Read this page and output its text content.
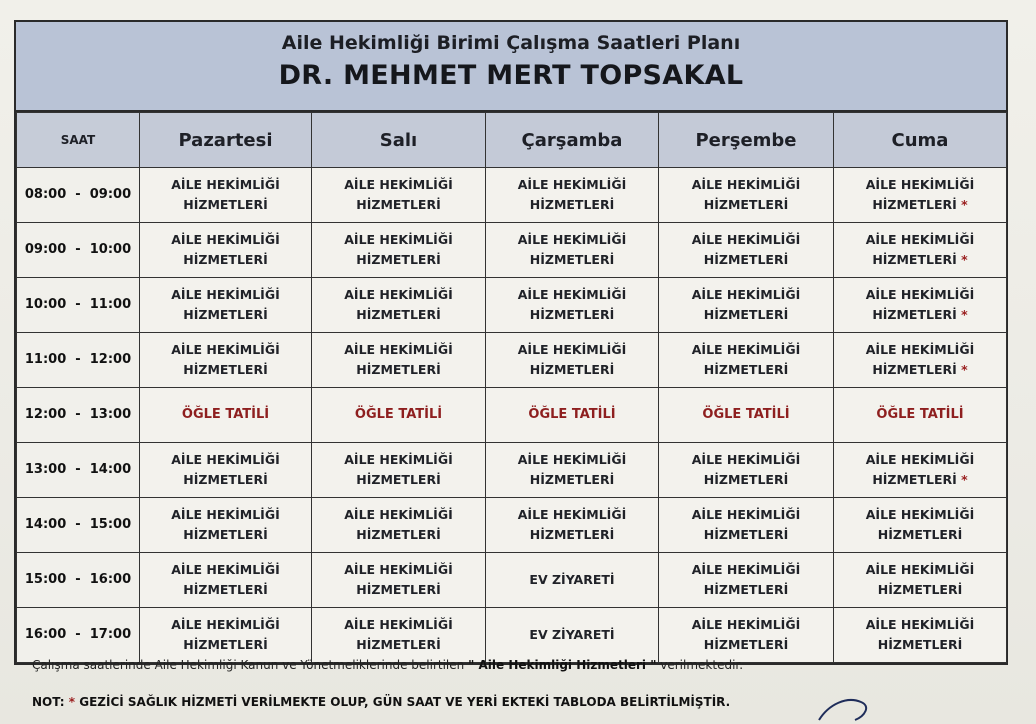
Aile Hekimliği Birimi Çalışma Saatleri Planı
DR. MEHMET MERT TOPSAKAL
SAAT	Pazartesi	Salı	Çarşamba	Perşembe	Cuma
08:00  -  09:00	AİLE HEKİMLİĞİ
HİZMETLERİ	AİLE HEKİMLİĞİ
HİZMETLERİ	AİLE HEKİMLİĞİ
HİZMETLERİ	AİLE HEKİMLİĞİ
HİZMETLERİ	AİLE HEKİMLİĞİ
HİZMETLERİ *
09:00  -  10:00	AİLE HEKİMLİĞİ
HİZMETLERİ	AİLE HEKİMLİĞİ
HİZMETLERİ	AİLE HEKİMLİĞİ
HİZMETLERİ	AİLE HEKİMLİĞİ
HİZMETLERİ	AİLE HEKİMLİĞİ
HİZMETLERİ *
10:00  -  11:00	AİLE HEKİMLİĞİ
HİZMETLERİ	AİLE HEKİMLİĞİ
HİZMETLERİ	AİLE HEKİMLİĞİ
HİZMETLERİ	AİLE HEKİMLİĞİ
HİZMETLERİ	AİLE HEKİMLİĞİ
HİZMETLERİ *
11:00  -  12:00	AİLE HEKİMLİĞİ
HİZMETLERİ	AİLE HEKİMLİĞİ
HİZMETLERİ	AİLE HEKİMLİĞİ
HİZMETLERİ	AİLE HEKİMLİĞİ
HİZMETLERİ	AİLE HEKİMLİĞİ
HİZMETLERİ *
12:00  -  13:00	ÖĞLE TATİLİ	ÖĞLE TATİLİ	ÖĞLE TATİLİ	ÖĞLE TATİLİ	ÖĞLE TATİLİ
13:00  -  14:00	AİLE HEKİMLİĞİ
HİZMETLERİ	AİLE HEKİMLİĞİ
HİZMETLERİ	AİLE HEKİMLİĞİ
HİZMETLERİ	AİLE HEKİMLİĞİ
HİZMETLERİ	AİLE HEKİMLİĞİ
HİZMETLERİ *
14:00  -  15:00	AİLE HEKİMLİĞİ
HİZMETLERİ	AİLE HEKİMLİĞİ
HİZMETLERİ	AİLE HEKİMLİĞİ
HİZMETLERİ	AİLE HEKİMLİĞİ
HİZMETLERİ	AİLE HEKİMLİĞİ
HİZMETLERİ
15:00  -  16:00	AİLE HEKİMLİĞİ
HİZMETLERİ	AİLE HEKİMLİĞİ
HİZMETLERİ	EV ZİYARETİ	AİLE HEKİMLİĞİ
HİZMETLERİ	AİLE HEKİMLİĞİ
HİZMETLERİ
16:00  -  17:00	AİLE HEKİMLİĞİ
HİZMETLERİ	AİLE HEKİMLİĞİ
HİZMETLERİ	EV ZİYARETİ	AİLE HEKİMLİĞİ
HİZMETLERİ	AİLE HEKİMLİĞİ
HİZMETLERİ
Çalışma saatlerinde Aile Hekimliği Kanun ve Yönetmeliklerinde belirtilen " Aile Hekimliği Hizmetleri " verilmektedir.
NOT: * GEZİCİ SAĞLIK HİZMETİ VERİLMEKTE OLUP, GÜN SAAT VE YERİ EKTEKİ TABLODA BELİRTİLMİŞTİR.
